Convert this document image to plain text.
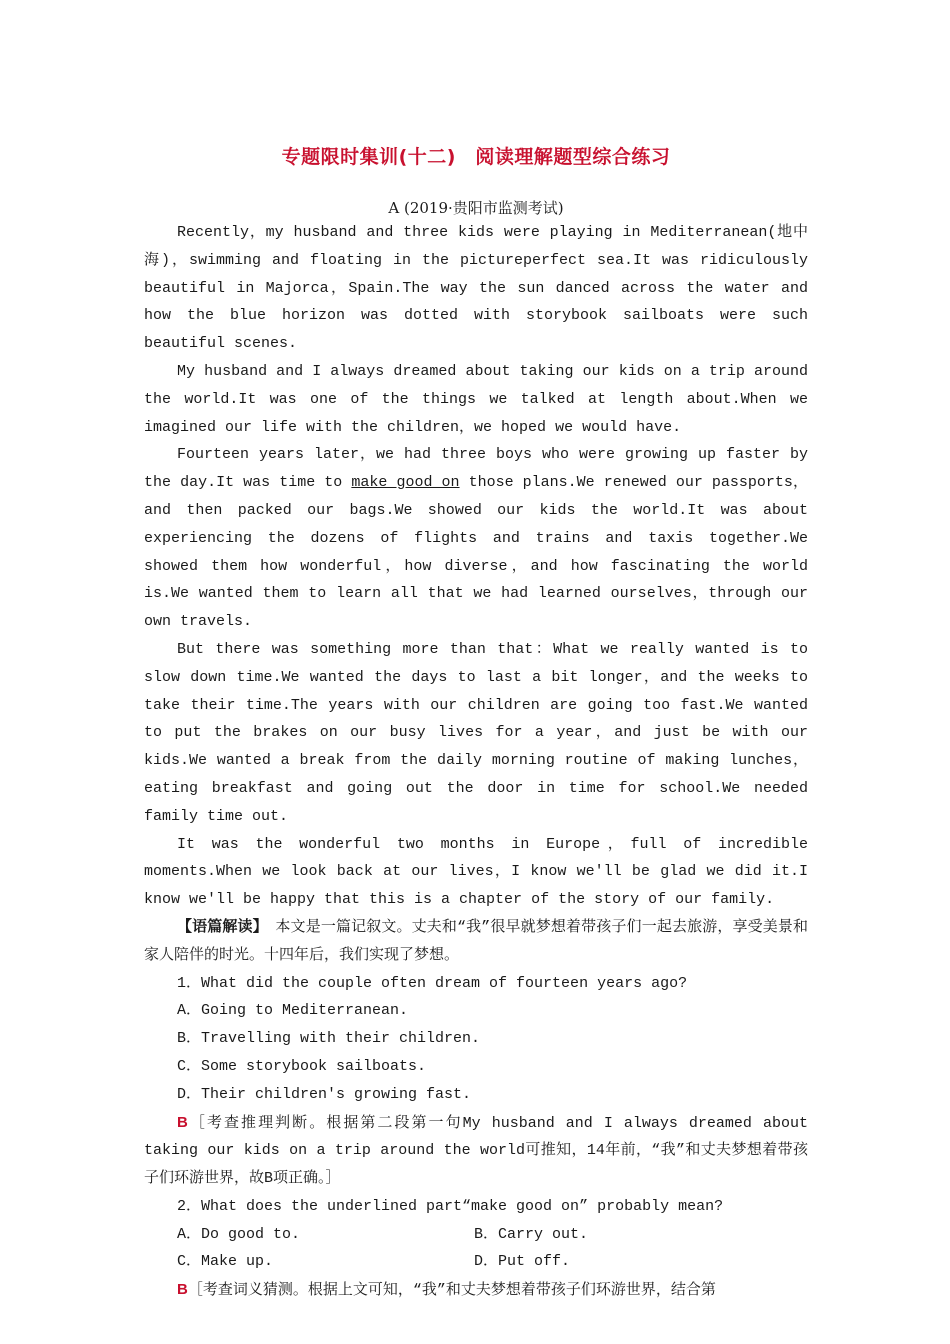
专题限时集训(十二)　阅读理解题型综合练习
A (2019·贵阳市监测考试)

Recently，my husband and three kids were playing in Mediterranean(地中海)，swimming and floating in the pictureperfect sea.It was ridiculously beautiful in Majorca，Spain.The way the sun danced across the water and how the blue horizon was dotted with storybook sailboats were such beautiful scenes.

My husband and I always dreamed about taking our kids on a trip around the world.It was one of the things we talked at length about.When we imagined our life with the children，we hoped we would have.

Fourteen years later，we had three boys who were growing up faster by the day.It was time to make good on those plans.We renewed our passports，and then packed our bags.We showed our kids the world.It was about experiencing the dozens of flights and trains and taxis together.We showed them how wonderful，how diverse，and how fascinating the world is.We wanted them to learn all that we had learned ourselves，through our own travels.

But there was something more than that：What we really wanted is to slow down time.We wanted the days to last a bit longer，and the weeks to take their time.The years with our children are going too fast.We wanted to put the brakes on our busy lives for a year，and just be with our kids.We wanted a break from the daily morning routine of making lunches，eating breakfast and going out the door in time for school.We needed family time out.

It was the wonderful two months in Europe，full of incredible moments.When we look back at our lives，I know we'll be glad we did it.I know we'll be happy that this is a chapter of the story of our family.

【语篇解读】　本文是一篇记叙文。丈夫和“我”很早就梦想着带孩子们一起去旅游，享受美景和家人陪伴的时光。十四年后，我们实现了梦想。

1．What did the couple often dream of fourteen years ago?

A．Going to Mediterranean.

B．Travelling with their children.

C．Some storybook sailboats.

D．Their children's growing fast.

B［考查推理判断。根据第二段第一句My husband and I always dreamed about taking our kids on a trip around the world可推知，14年前，“我”和丈夫梦想着带孩子们环游世界，故B项正确。］

2．What does the underlined part“make good on” probably mean?

A．Do good to.	B．Carry out.
C．Make up.	D．Put off.

B［考查词义猜测。根据上文可知，“我”和丈夫梦想着带孩子们环游世界，结合第
